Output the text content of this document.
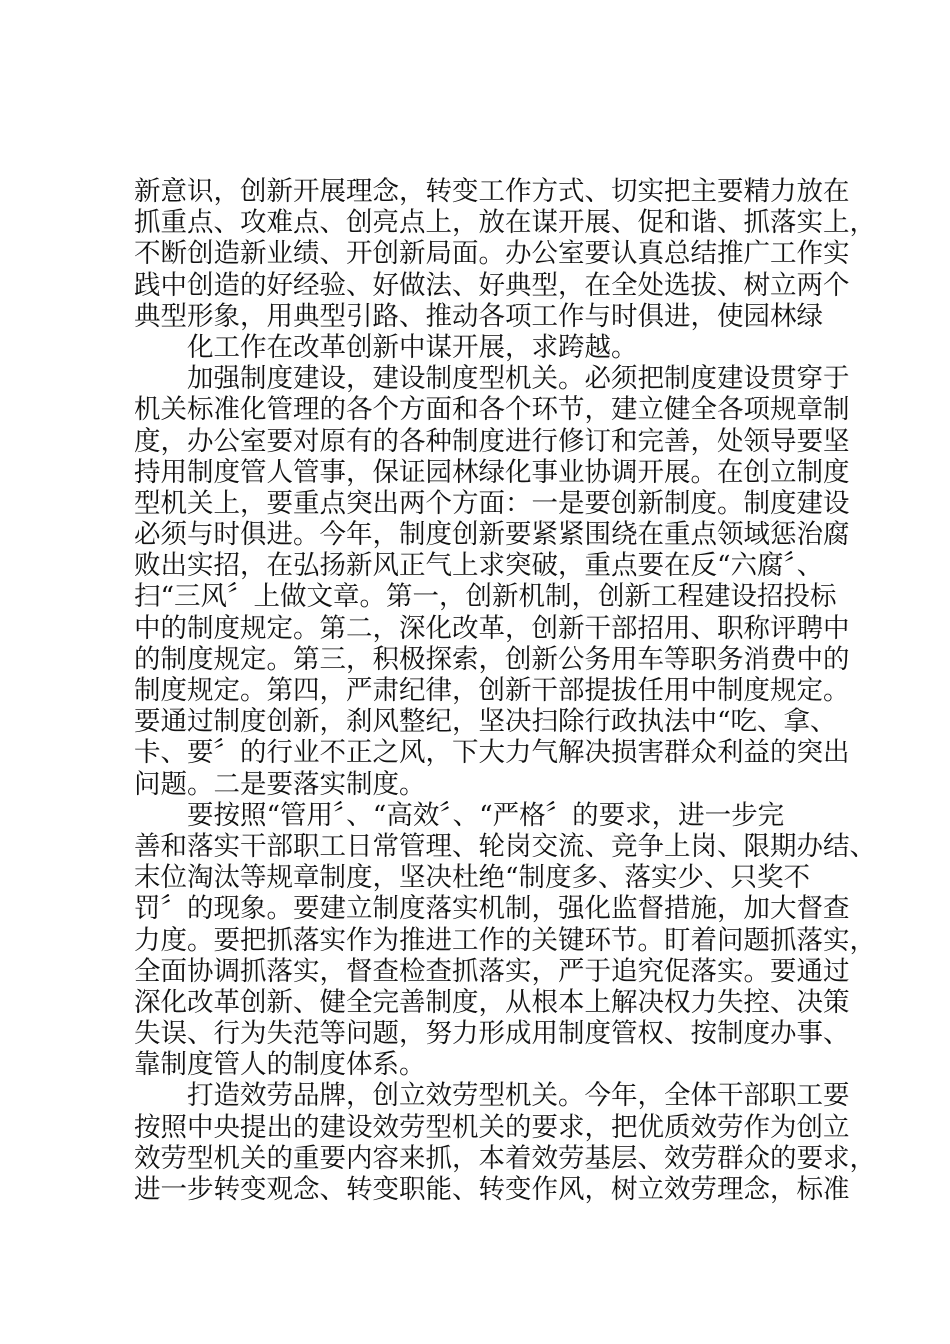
新意识，创新开展理念，转变工作方式、切实把主要精力放在
抓重点、攻难点、创亮点上，放在谋开展、促和谐、抓落实上，
不断创造新业绩、开创新局面。办公室要认真总结推广工作实
践中创造的好经验、好做法、好典型，在全处选拔、树立两个
典型形象，用典型引路、推动各项工作与时俱进，使园林绿
化工作在改革创新中谋开展，求跨越。
加强制度建设，建设制度型机关。必须把制度建设贯穿于
机关标准化管理的各个方面和各个环节，建立健全各项规章制
度，办公室要对原有的各种制度进行修订和完善，处领导要坚
持用制度管人管事，保证园林绿化事业协调开展。在创立制度
型机关上，要重点突出两个方面：一是要创新制度。制度建设
必须与时俱进。今年，制度创新要紧紧围绕在重点领域惩治腐
败出实招，在弘扬新风正气上求突破，重点要在反“六腐〞、
扫“三风〞上做文章。第一，创新机制，创新工程建设招投标
中的制度规定。第二，深化改革，创新干部招用、职称评聘中
的制度规定。第三，积极探索，创新公务用车等职务消费中的
制度规定。第四，严肃纪律，创新干部提拔任用中制度规定。
要通过制度创新，刹风整纪，坚决扫除行政执法中“吃、拿、
卡、要〞的行业不正之风，下大力气解决损害群众利益的突出
问题。二是要落实制度。
要按照“管用〞、“高效〞、“严格〞的要求，进一步完
善和落实干部职工日常管理、轮岗交流、竞争上岗、限期办结、
末位淘汰等规章制度，坚决杜绝“制度多、落实少、只奖不
罚〞的现象。要建立制度落实机制，强化监督措施，加大督查
力度。要把抓落实作为推进工作的关键环节。盯着问题抓落实，
全面协调抓落实，督查检查抓落实，严于追究促落实。要通过
深化改革创新、健全完善制度，从根本上解决权力失控、决策
失误、行为失范等问题，努力形成用制度管权、按制度办事、
靠制度管人的制度体系。
打造效劳品牌，创立效劳型机关。今年，全体干部职工要
按照中央提出的建设效劳型机关的要求，把优质效劳作为创立
效劳型机关的重要内容来抓，本着效劳基层、效劳群众的要求，
进一步转变观念、转变职能、转变作风，树立效劳理念，标准
